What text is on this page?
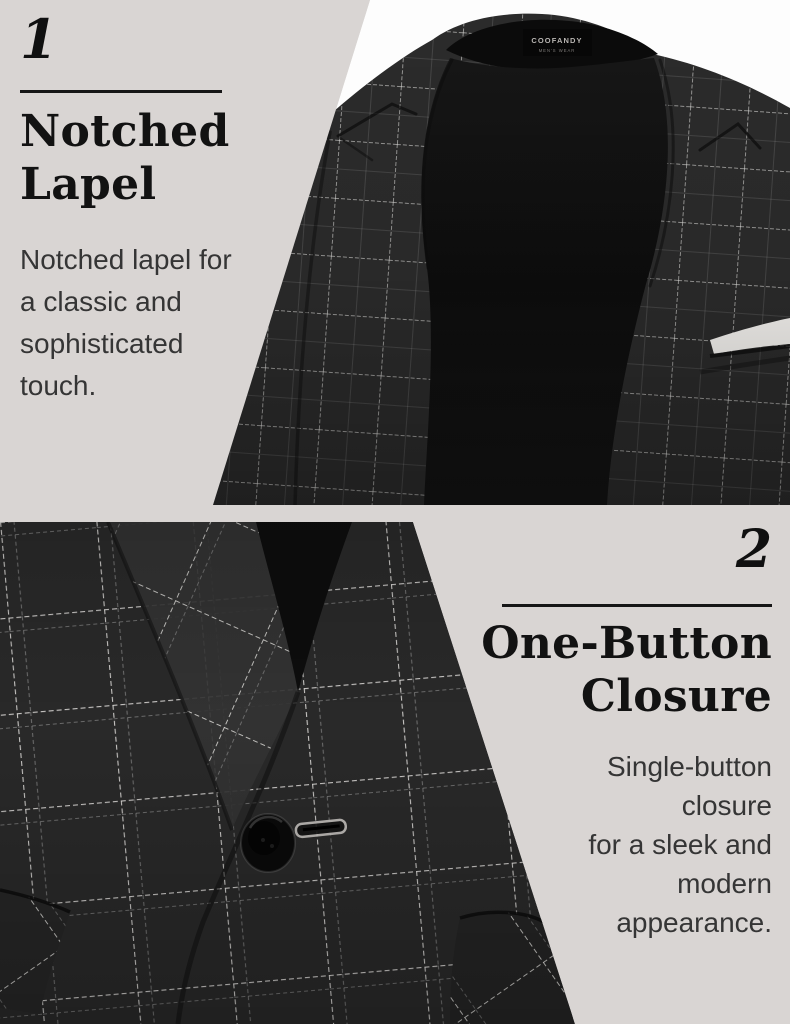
1
Notched
Lapel
Notched lapel for
a classic and
sophisticated
touch.
2
One-Button
Closure
Single-button
closure
for a sleek and
modern
appearance.
